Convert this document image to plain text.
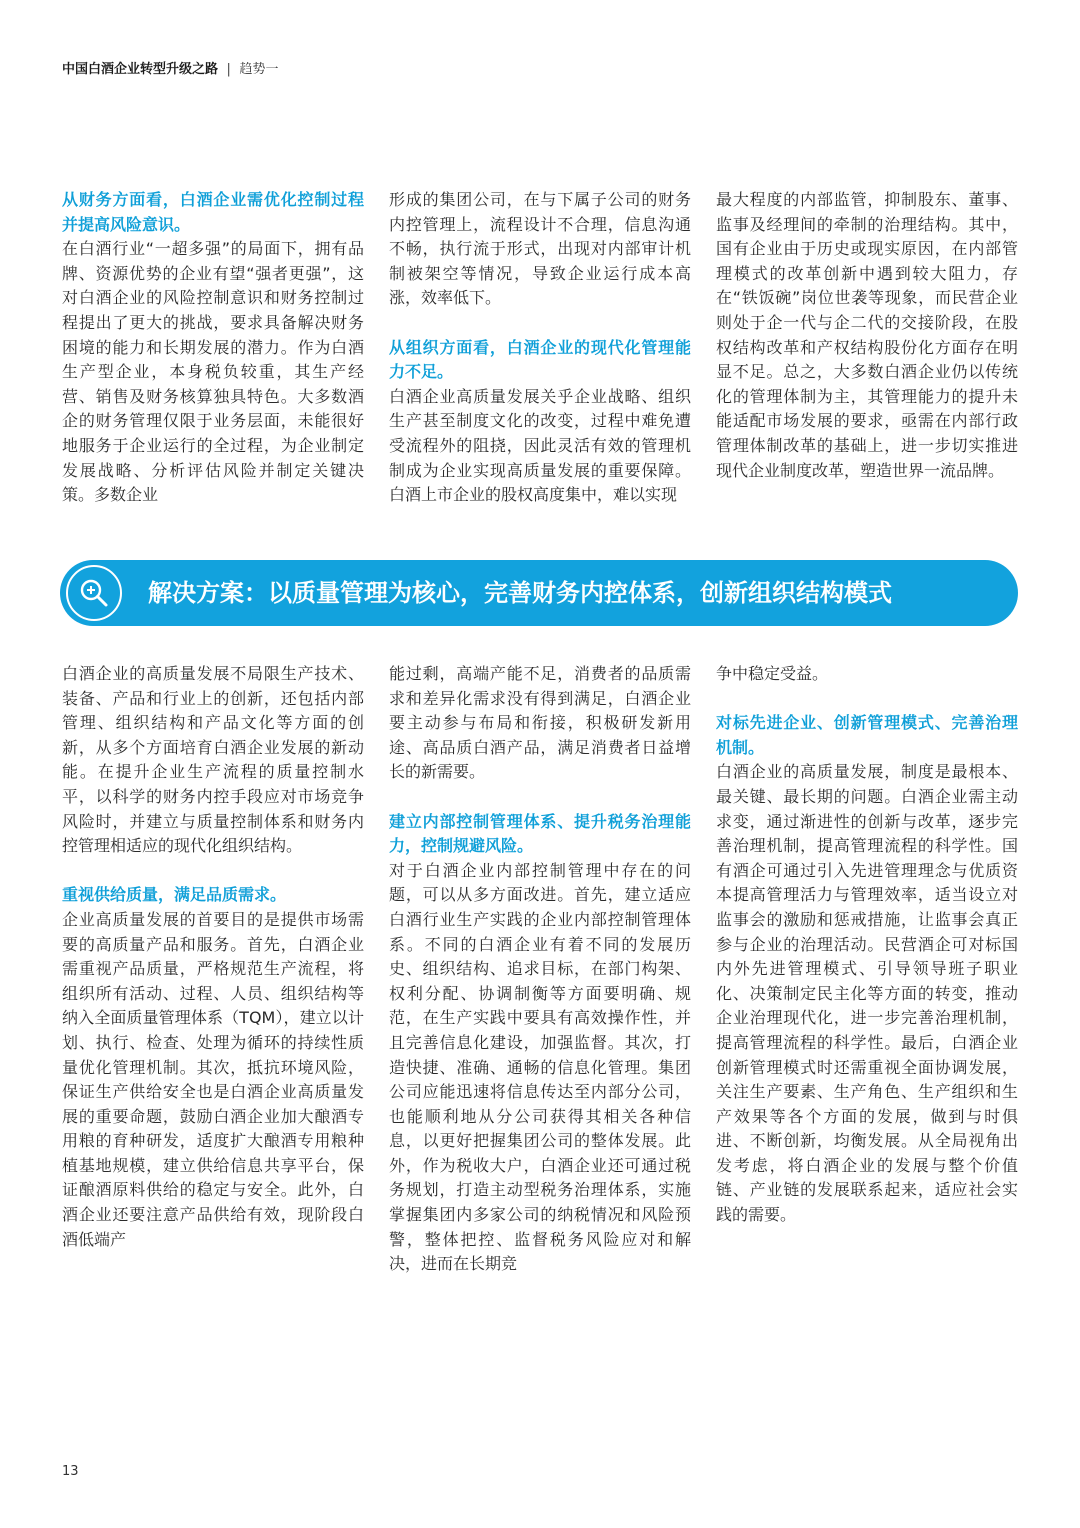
中国白酒企业转型升级之路 | 趋势一
从财务方面看，白酒企业需优化控制过程并提高风险意识。

在白酒行业“一超多强”的局面下，拥有品牌、资源优势的企业有望“强者更强”，这对白酒企业的风险控制意识和财务控制过程提出了更大的挑战，要求具备解决财务困境的能力和长期发展的潜力。作为白酒生产型企业，本身税负较重，其生产经营、销售及财务核算独具特色。大多数酒企的财务管理仅限于业务层面，未能很好地服务于企业运行的全过程，为企业制定发展战略、分析评估风险并制定关键决策。多数企业

形成的集团公司，在与下属子公司的财务内控管理上，流程设计不合理，信息沟通不畅，执行流于形式，出现对内部审计机制被架空等情况，导致企业运行成本高涨，效率低下。

从组织方面看，白酒企业的现代化管理能力不足。

白酒企业高质量发展关乎企业战略、组织生产甚至制度文化的改变，过程中难免遭受流程外的阻挠，因此灵活有效的管理机制成为企业实现高质量发展的重要保障。白酒上市企业的股权高度集中，难以实现

最大程度的内部监管，抑制股东、董事、监事及经理间的牵制的治理结构。其中，国有企业由于历史或现实原因，在内部管理模式的改革创新中遇到较大阻力，存在“铁饭碗”岗位世袭等现象，而民营企业则处于企一代与企二代的交接阶段，在股权结构改革和产权结构股份化方面存在明显不足。总之，大多数白酒企业仍以传统化的管理体制为主，其管理能力的提升未能适配市场发展的要求，亟需在内部行政管理体制改革的基础上，进一步切实推进现代企业制度改革，塑造世界一流品牌。

解决方案：以质量管理为核心，完善财务内控体系，创新组织结构模式

白酒企业的高质量发展不局限生产技术、装备、产品和行业上的创新，还包括内部管理、组织结构和产品文化等方面的创新，从多个方面培育白酒企业发展的新动能。在提升企业生产流程的质量控制水平，以科学的财务内控手段应对市场竞争风险时，并建立与质量控制体系和财务内控管理相适应的现代化组织结构。

重视供给质量，满足品质需求。

企业高质量发展的首要目的是提供市场需要的高质量产品和服务。首先，白酒企业需重视产品质量，严格规范生产流程，将组织所有活动、过程、人员、组织结构等纳入全面质量管理体系（TQM），建立以计划、执行、检查、处理为循环的持续性质量优化管理机制。其次，抵抗环境风险，保证生产供给安全也是白酒企业高质量发展的重要命题，鼓励白酒企业加大酿酒专用粮的育种研发，适度扩大酿酒专用粮种植基地规模，建立供给信息共享平台，保证酿酒原料供给的稳定与安全。此外，白酒企业还要注意产品供给有效，现阶段白酒低端产

能过剩，高端产能不足，消费者的品质需求和差异化需求没有得到满足，白酒企业要主动参与布局和衔接，积极研发新用途、高品质白酒产品，满足消费者日益增长的新需要。

建立内部控制管理体系、提升税务治理能力，控制规避风险。

对于白酒企业内部控制管理中存在的问题，可以从多方面改进。首先，建立适应白酒行业生产实践的企业内部控制管理体系。不同的白酒企业有着不同的发展历史、组织结构、追求目标，在部门构架、权利分配、协调制衡等方面要明确、规范，在生产实践中要具有高效操作性，并且完善信息化建设，加强监督。其次，打造快捷、准确、通畅的信息化管理。集团公司应能迅速将信息传达至内部分公司，也能顺利地从分公司获得其相关各种信息，以更好把握集团公司的整体发展。此外，作为税收大户，白酒企业还可通过税务规划，打造主动型税务治理体系，实施掌握集团内多家公司的纳税情况和风险预警，整体把控、监督税务风险应对和解决，进而在长期竞

争中稳定受益。

对标先进企业、创新管理模式、完善治理机制。

白酒企业的高质量发展，制度是最根本、最关键、最长期的问题。白酒企业需主动求变，通过渐进性的创新与改革，逐步完善治理机制，提高管理流程的科学性。国有酒企可通过引入先进管理理念与优质资本提高管理活力与管理效率，适当设立对监事会的激励和惩戒措施，让监事会真正参与企业的治理活动。民营酒企可对标国内外先进管理模式、引导领导班子职业化、决策制定民主化等方面的转变，推动企业治理现代化，进一步完善治理机制，提高管理流程的科学性。最后，白酒企业创新管理模式时还需重视全面协调发展，关注生产要素、生产角色、生产组织和生产效果等各个方面的发展，做到与时俱进、不断创新，均衡发展。从全局视角出发考虑，将白酒企业的发展与整个价值链、产业链的发展联系起来，适应社会实践的需要。

13
